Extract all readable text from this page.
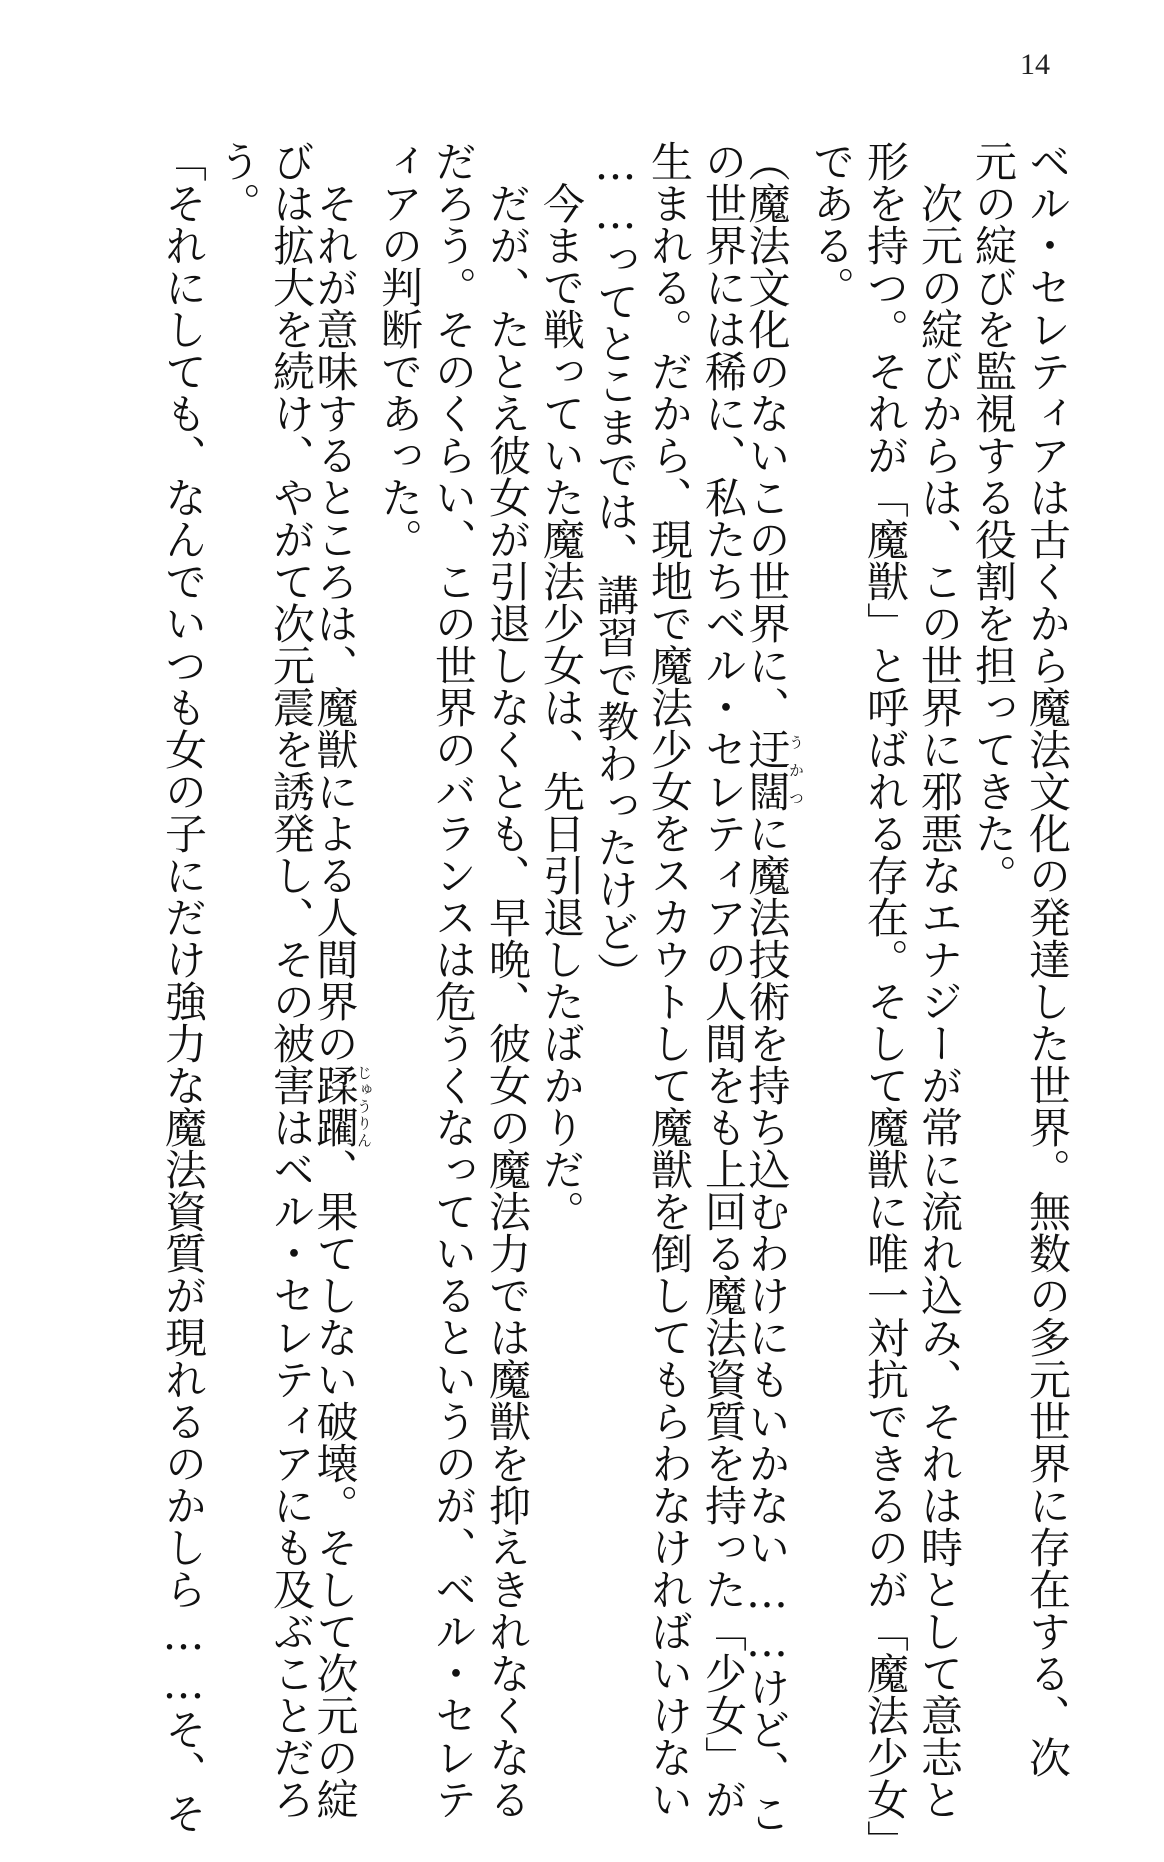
14
ベル・セレティアは古くから魔法文化の発達した世界。無数の多元世界に存在する、次
元の綻びを監視する役割を担ってきた。
　次元の綻びからは、この世界に邪悪なエナジーが常に流れ込み、それは時として意志と
形を持つ。それが「魔獣」と呼ばれる存在。そして魔獣に唯一対抗できるのが「魔法少女」
である。
（魔法文化のないこの世界に、迂闊うかつに魔法技術を持ち込むわけにもいかない……けど、こ
の世界には稀に、私たちベル・セレティアの人間をも上回る魔法資質を持った「少女」が
生まれる。だから、現地で魔法少女をスカウトして魔獣を倒してもらわなければいけない
……ってとこまでは、講習で教わったけど）
　今まで戦っていた魔法少女は、先日引退したばかりだ。
　だが、たとえ彼女が引退しなくとも、早晩、彼女の魔法力では魔獣を抑えきれなくなる
だろう。そのくらい、この世界のバランスは危うくなっているというのが、ベル・セレテ
ィアの判断であった。
　それが意味するところは、魔獣による人間界の蹂躙じゅうりん、果てしない破壊。そして次元の綻
びは拡大を続け、やがて次元震を誘発し、その被害はベル・セレティアにも及ぶことだろ
う。
「それにしても、なんでいつも女の子にだけ強力な魔法資質が現れるのかしら……そ、そ
